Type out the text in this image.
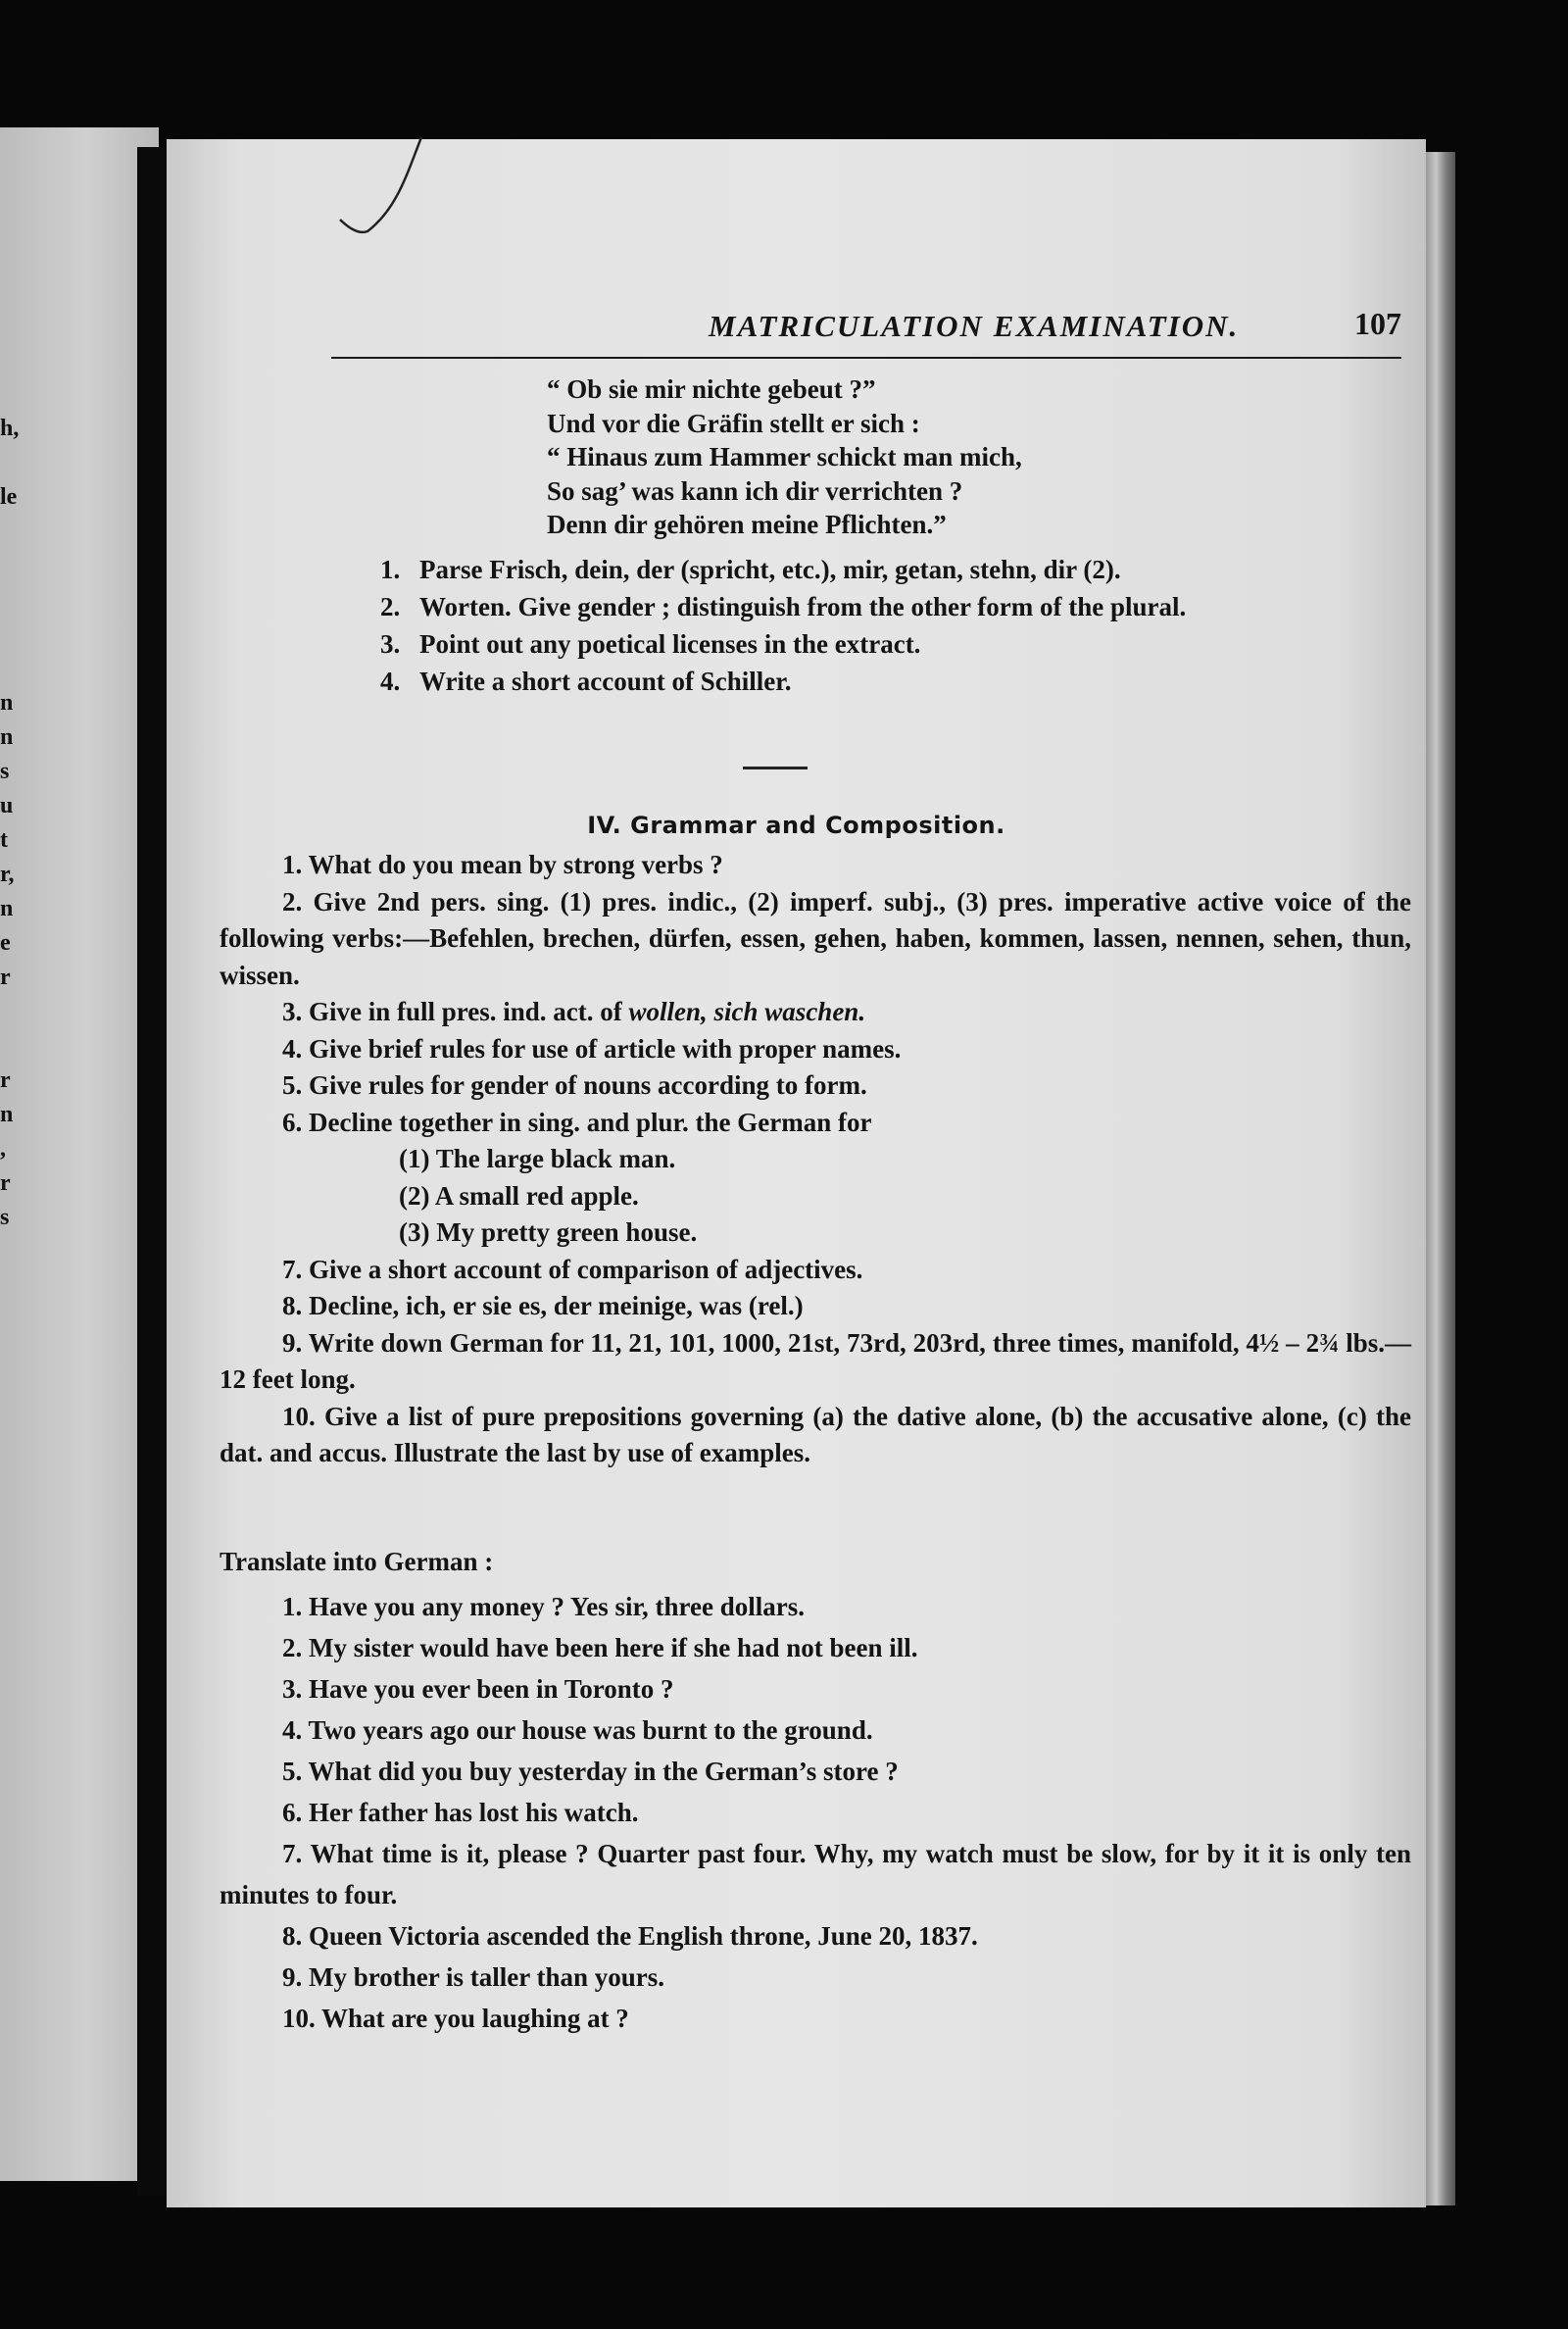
h,

le

n
n
s
u
t
r,
n
e
r

r
n
,
r
s
MATRICULATION EXAMINATION.	107
“ Ob sie mir nichte gebeut ?”
Und vor die Gräfin stellt er sich :
“ Hinaus zum Hammer schickt man mich,
So sag’ was kann ich dir verrichten ?
Denn dir gehören meine Pflichten.”
1. Parse Frisch, dein, der (spricht, etc.), mir, getan, stehn, dir (2).
2. Worten. Give gender ; distinguish from the other form of the plural.
3. Point out any poetical licenses in the extract.
4. Write a short account of Schiller.
IV. Grammar and Composition.
1. What do you mean by strong verbs ?
2. Give 2nd pers. sing. (1) pres. indic., (2) imperf. subj., (3) pres. imperative active voice of the following verbs:—Befehlen, brechen, dürfen, essen, gehen, haben, kommen, lassen, nennen, sehen, thun, wissen.
3. Give in full pres. ind. act. of wollen, sich waschen.
4. Give brief rules for use of article with proper names.
5. Give rules for gender of nouns according to form.
6. Decline together in sing. and plur. the German for
(1) The large black man.
(2) A small red apple.
(3) My pretty green house.
7. Give a short account of comparison of adjectives.
8. Decline, ich, er sie es, der meinige, was (rel.)
9. Write down German for 11, 21, 101, 1000, 21st, 73rd, 203rd, three times, manifold, 4½ – 2¾ lbs.—12 feet long.
10. Give a list of pure prepositions governing (a) the dative alone, (b) the accusative alone, (c) the dat. and accus. Illustrate the last by use of examples.
Translate into German :
1. Have you any money ? Yes sir, three dollars.
2. My sister would have been here if she had not been ill.
3. Have you ever been in Toronto ?
4. Two years ago our house was burnt to the ground.
5. What did you buy yesterday in the German’s store ?
6. Her father has lost his watch.
7. What time is it, please ? Quarter past four. Why, my watch must be slow, for by it it is only ten minutes to four.
8. Queen Victoria ascended the English throne, June 20, 1837.
9. My brother is taller than yours.
10. What are you laughing at ?
